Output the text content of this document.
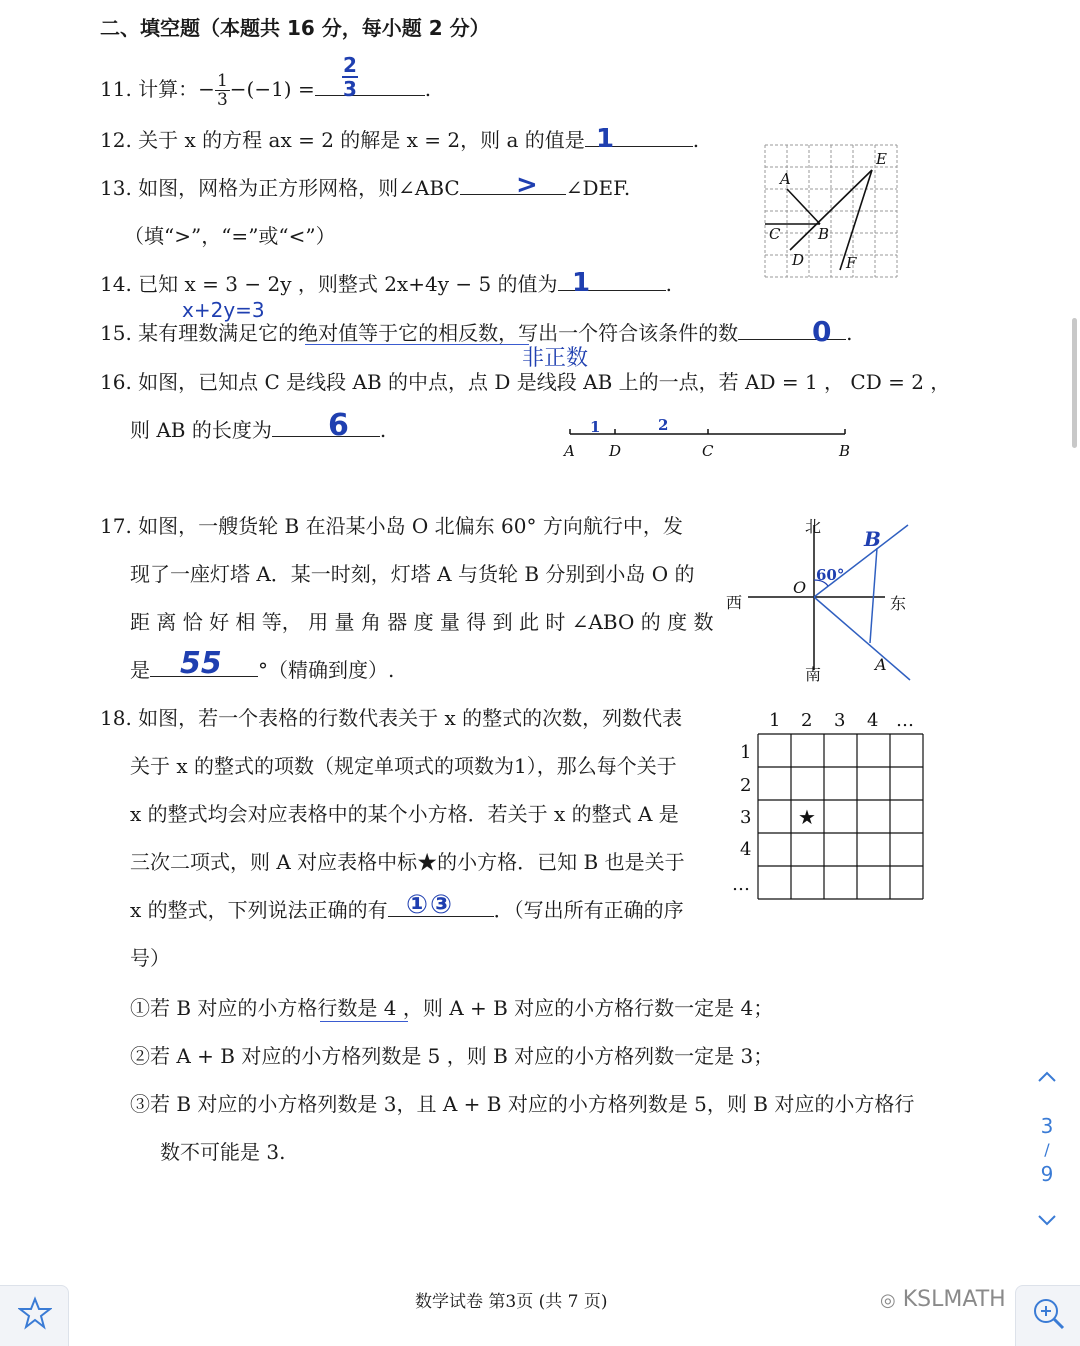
二、填空题（本题共 16 分，每小题 2 分）
11. 计算：− $\frac{1}{3} -(-1)$ =	.
2
3
12. 关于 x 的方程 ax = 2 的解是 x = 2，则 a 的值是	.
1
13. 如图，网格为正方形网格，则∠ABC	∠DEF.
>
（填“>”，“=”或“<”）
A
B
C
D
E
F
14. 已知 x = 3 − 2y ，则整式 2x+4y − 5 的值为	.
1
x+2y=3
15. 某有理数满足它的绝对值等于它的相反数，写出一个符合该条件的数	.
0
非正数
16. 如图，已知点 C 是线段 AB 的中点，点 D 是线段 AB 上的一点，若 AD = 1 ， CD = 2 ，
则 AB 的长度为	.
6
A D	C	B
1	2
17. 如图，一艘货轮 B 在沿某小岛 O 北偏东 60° 方向航行中，发
现了一座灯塔 A．某一时刻，灯塔 A 与货轮 B 分别到小岛 O 的
距 离 恰 好 相 等， 用 量 角 器 度 量 得 到 此 时 ∠ABO 的 度 数
是	°（精确到度）.
55
北
南
西	东
O
A
B
60°
18. 如图，若一个表格的行数代表关于 x 的整式的次数，列数代表
关于 x 的整式的项数（规定单项式的项数为1），那么每个关于
x 的整式均会对应表格中的某个小方格．若关于 x 的整式 A 是
三次二项式，则 A 对应表格中标★的小方格．已知 B 也是关于
x 的整式，下列说法正确的有	．（写出所有正确的序
①③
号）
①若 B 对应的小方格行数是 4 ，则 A + B 对应的小方格行数一定是 4；
②若 A + B 对应的小方格列数是 5 ，则 B 对应的小方格列数一定是 3；
③若 B 对应的小方格列数是 3，且 A + B 对应的小方格列数是 5，则 B 对应的小方格行
数不可能是 3.
1 2 3 4 …
1
2
3
4
…
★
数学试卷 第3页 (共 7 页)	◎ KSLMATH
3
/
9
